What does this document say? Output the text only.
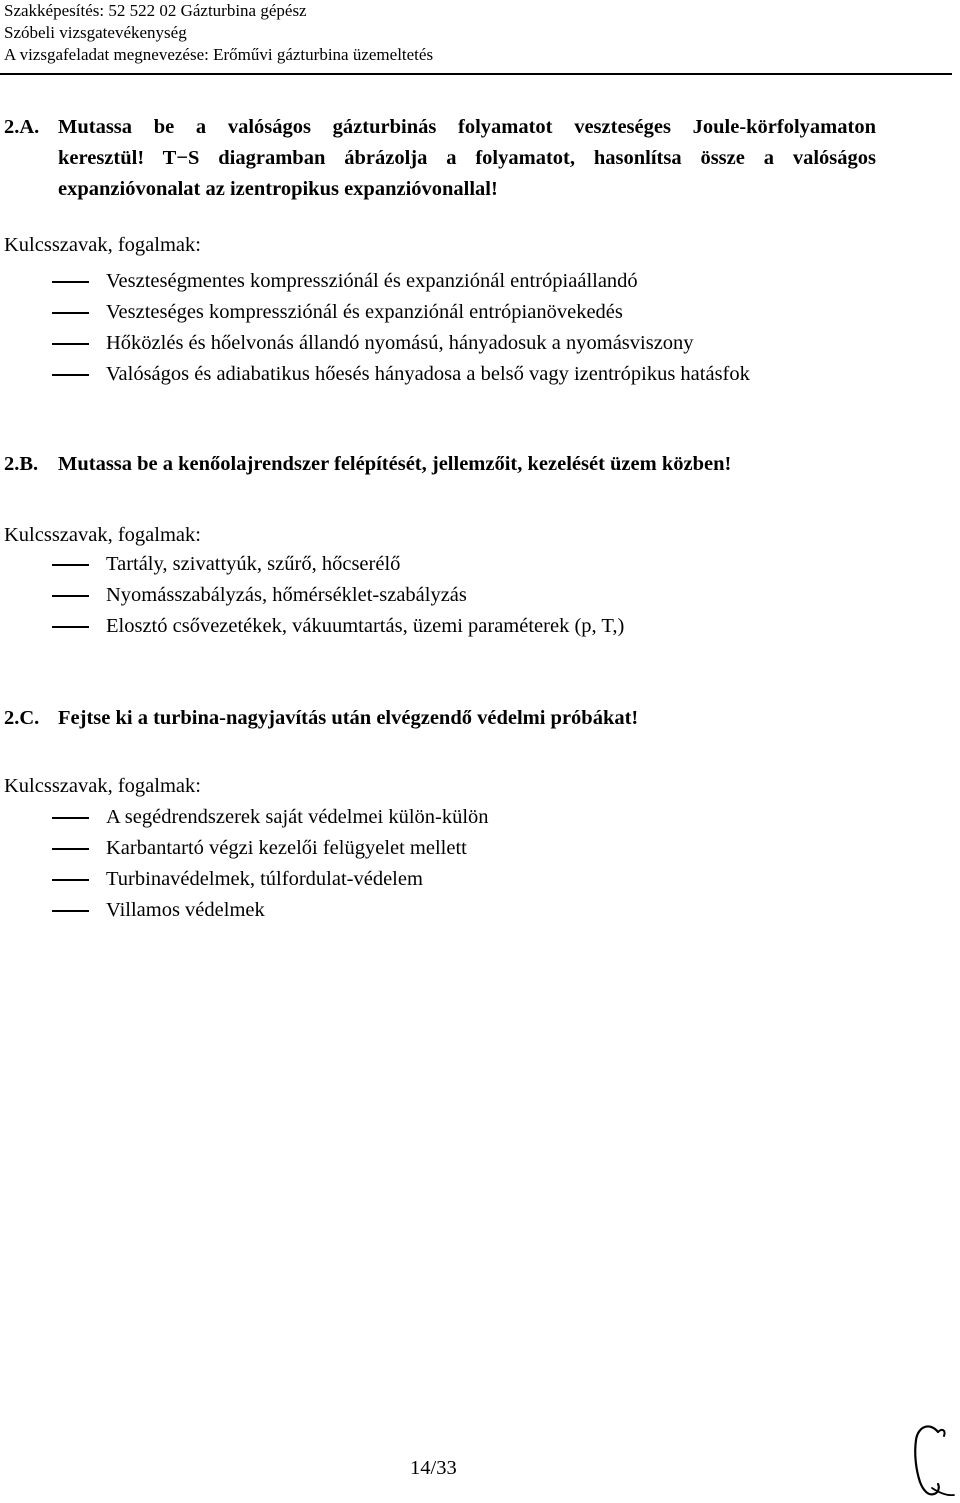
Szakképesítés: 52 522 02 Gázturbina gépész
Szóbeli vizsgatevékenység
A vizsgafeladat megnevezése: Erőművi gázturbina üzemeltetés
2.A. Mutassa be a valóságos gázturbinás folyamatot veszteséges Joule-körfolyamaton
keresztül! T−S diagramban ábrázolja a folyamatot, hasonlítsa össze a valóságos
expanzióvonalat az izentropikus expanzióvonallal!
Kulcsszavak, fogalmak:
Veszteségmentes kompressziónál és expanziónál entrópiaállandó
Veszteséges kompressziónál és expanziónál entrópianövekedés
Hőközlés és hőelvonás állandó nyomású, hányadosuk a nyomásviszony
Valóságos és adiabatikus hőesés hányadosa a belső vagy izentrópikus hatásfok
2.B. Mutassa be a kenőolajrendszer felépítését, jellemzőit, kezelését üzem közben!
Kulcsszavak, fogalmak:
Tartály, szivattyúk, szűrő, hőcserélő
Nyomásszabályzás, hőmérséklet-szabályzás
Elosztó csővezetékek, vákuumtartás, üzemi paraméterek (p, T,)
2.C. Fejtse ki a turbina-nagyjavítás után elvégzendő védelmi próbákat!
Kulcsszavak, fogalmak:
A segédrendszerek saját védelmei külön-külön
Karbantartó végzi kezelői felügyelet mellett
Turbinavédelmek, túlfordulat-védelem
Villamos védelmek
14/33
